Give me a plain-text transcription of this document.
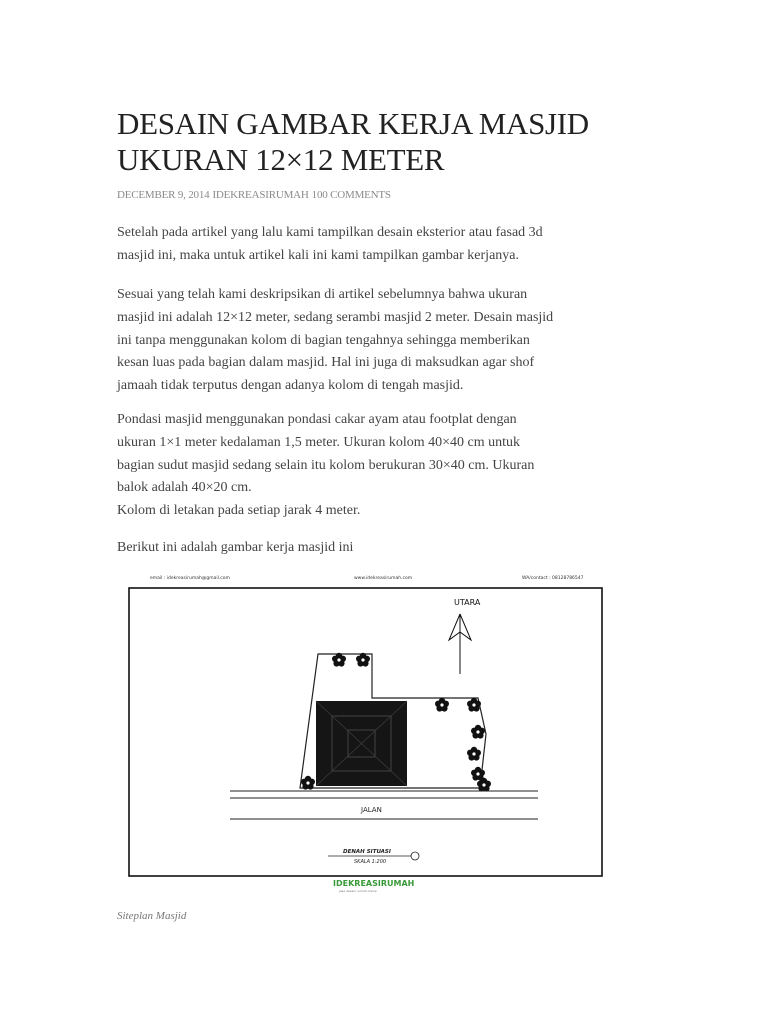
DESAIN GAMBAR KERJA MASJID
UKURAN 12×12 METER
DECEMBER 9, 2014 IDEKREASIRUMAH 100 COMMENTS

Setelah pada artikel yang lalu kami tampilkan desain eksterior atau fasad 3d
masjid ini, maka untuk artikel kali ini kami tampilkan gambar kerjanya.

Sesuai yang telah kami deskripsikan di artikel sebelumnya bahwa ukuran
masjid ini adalah 12×12 meter, sedang serambi masjid 2 meter. Desain masjid
ini tanpa menggunakan kolom di bagian tengahnya sehingga memberikan
kesan luas pada bagian dalam masjid. Hal ini juga di maksudkan agar shof
jamaah tidak terputus dengan adanya kolom di tengah masjid.

Pondasi masjid menggunakan pondasi cakar ayam atau footplat dengan
ukuran 1×1 meter kedalaman 1,5 meter. Ukuran kolom 40×40 cm untuk
bagian sudut masjid sedang selain itu kolom berukuran 30×40 cm. Ukuran
balok adalah 40×20 cm.
Kolom di letakan pada setiap jarak 4 meter.

Berikut ini adalah gambar kerja masjid ini

email : idekreasirumah@gmail.com	www.idekreasirumah.com	WA/contact : 08128786547
UTARA
JALAN
DENAH SITUASI
SKALA 1:200
IDEKREASIRUMAH
jasa desain rumah online
Siteplan Masjid
